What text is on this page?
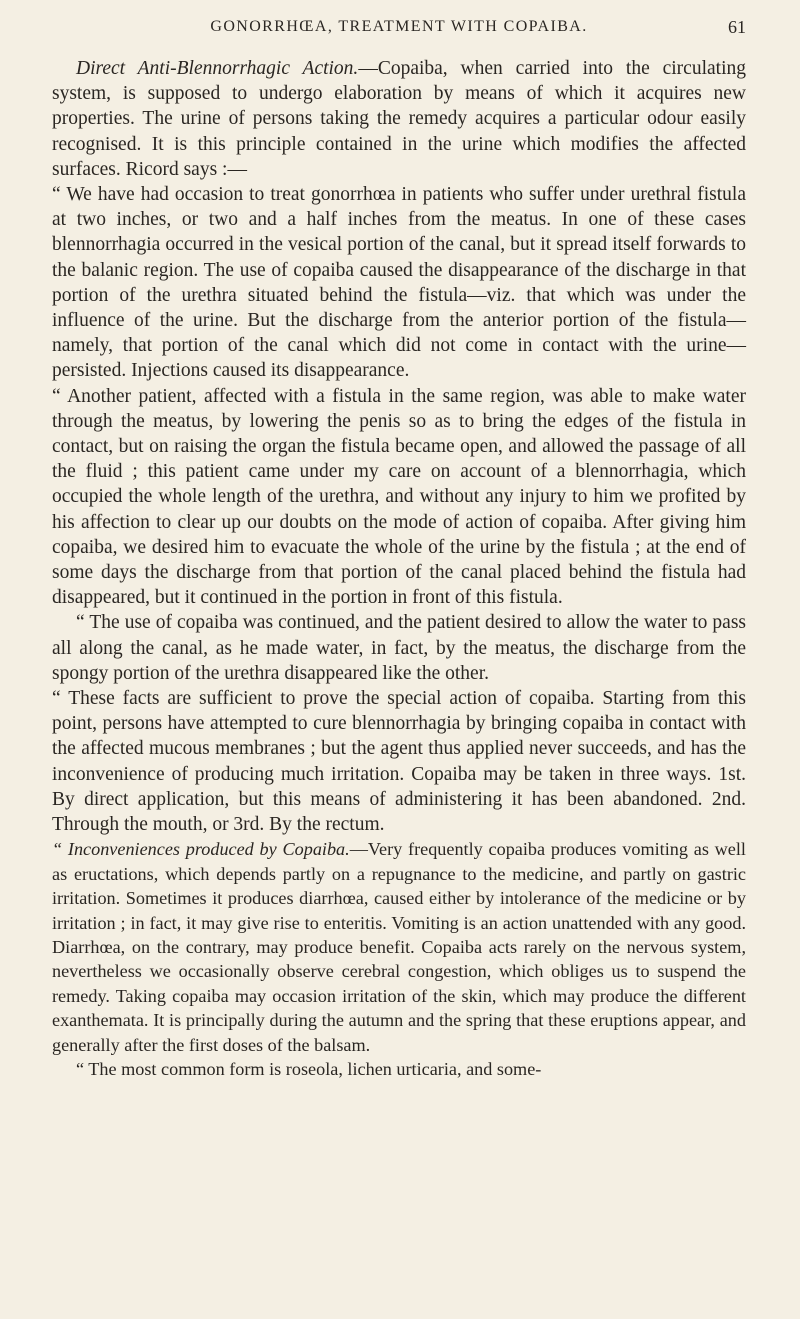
GONORRHŒA, TREATMENT WITH COPAIBA.	61

Direct Anti-Blennorrhagic Action.—Copaiba, when carried into the circulating system, is supposed to undergo elaboration by means of which it acquires new properties. The urine of persons taking the remedy acquires a particular odour easily recognised. It is this principle contained in the urine which modifies the affected surfaces. Ricord says :—

“ We have had occasion to treat gonorrhœa in patients who suffer under urethral fistula at two inches, or two and a half inches from the meatus. In one of these cases blennorrhagia occurred in the vesical portion of the canal, but it spread itself forwards to the balanic region. The use of copaiba caused the disappearance of the discharge in that portion of the urethra situated behind the fistula—viz. that which was under the influence of the urine. But the discharge from the anterior portion of the fistula—namely, that portion of the canal which did not come in contact with the urine—persisted. Injections caused its disappearance.

“ Another patient, affected with a fistula in the same region, was able to make water through the meatus, by lowering the penis so as to bring the edges of the fistula in contact, but on raising the organ the fistula became open, and allowed the passage of all the fluid ; this patient came under my care on account of a blennorrhagia, which occupied the whole length of the urethra, and without any injury to him we profited by his affection to clear up our doubts on the mode of action of copaiba. After giving him copaiba, we desired him to evacuate the whole of the urine by the fistula ; at the end of some days the discharge from that portion of the canal placed behind the fistula had disappeared, but it continued in the portion in front of this fistula.

“ The use of copaiba was continued, and the patient desired to allow the water to pass all along the canal, as he made water, in fact, by the meatus, the discharge from the spongy portion of the urethra disappeared like the other.

“ These facts are sufficient to prove the special action of copaiba. Starting from this point, persons have attempted to cure blennorrhagia by bringing copaiba in contact with the affected mucous membranes ; but the agent thus applied never succeeds, and has the inconvenience of producing much irritation. Copaiba may be taken in three ways. 1st. By direct application, but this means of administering it has been abandoned. 2nd. Through the mouth, or 3rd. By the rectum.

“ Inconveniences produced by Copaiba.—Very frequently copaiba produces vomiting as well as eructations, which depends partly on a repugnance to the medicine, and partly on gastric irritation. Sometimes it produces diarrhœa, caused either by intolerance of the medicine or by irritation ; in fact, it may give rise to enteritis. Vomiting is an action unattended with any good. Diarrhœa, on the contrary, may produce benefit. Copaiba acts rarely on the nervous system, nevertheless we occasionally observe cerebral congestion, which obliges us to suspend the remedy. Taking copaiba may occasion irritation of the skin, which may produce the different exanthemata. It is principally during the autumn and the spring that these eruptions appear, and generally after the first doses of the balsam.

“ The most common form is roseola, lichen urticaria, and some-
